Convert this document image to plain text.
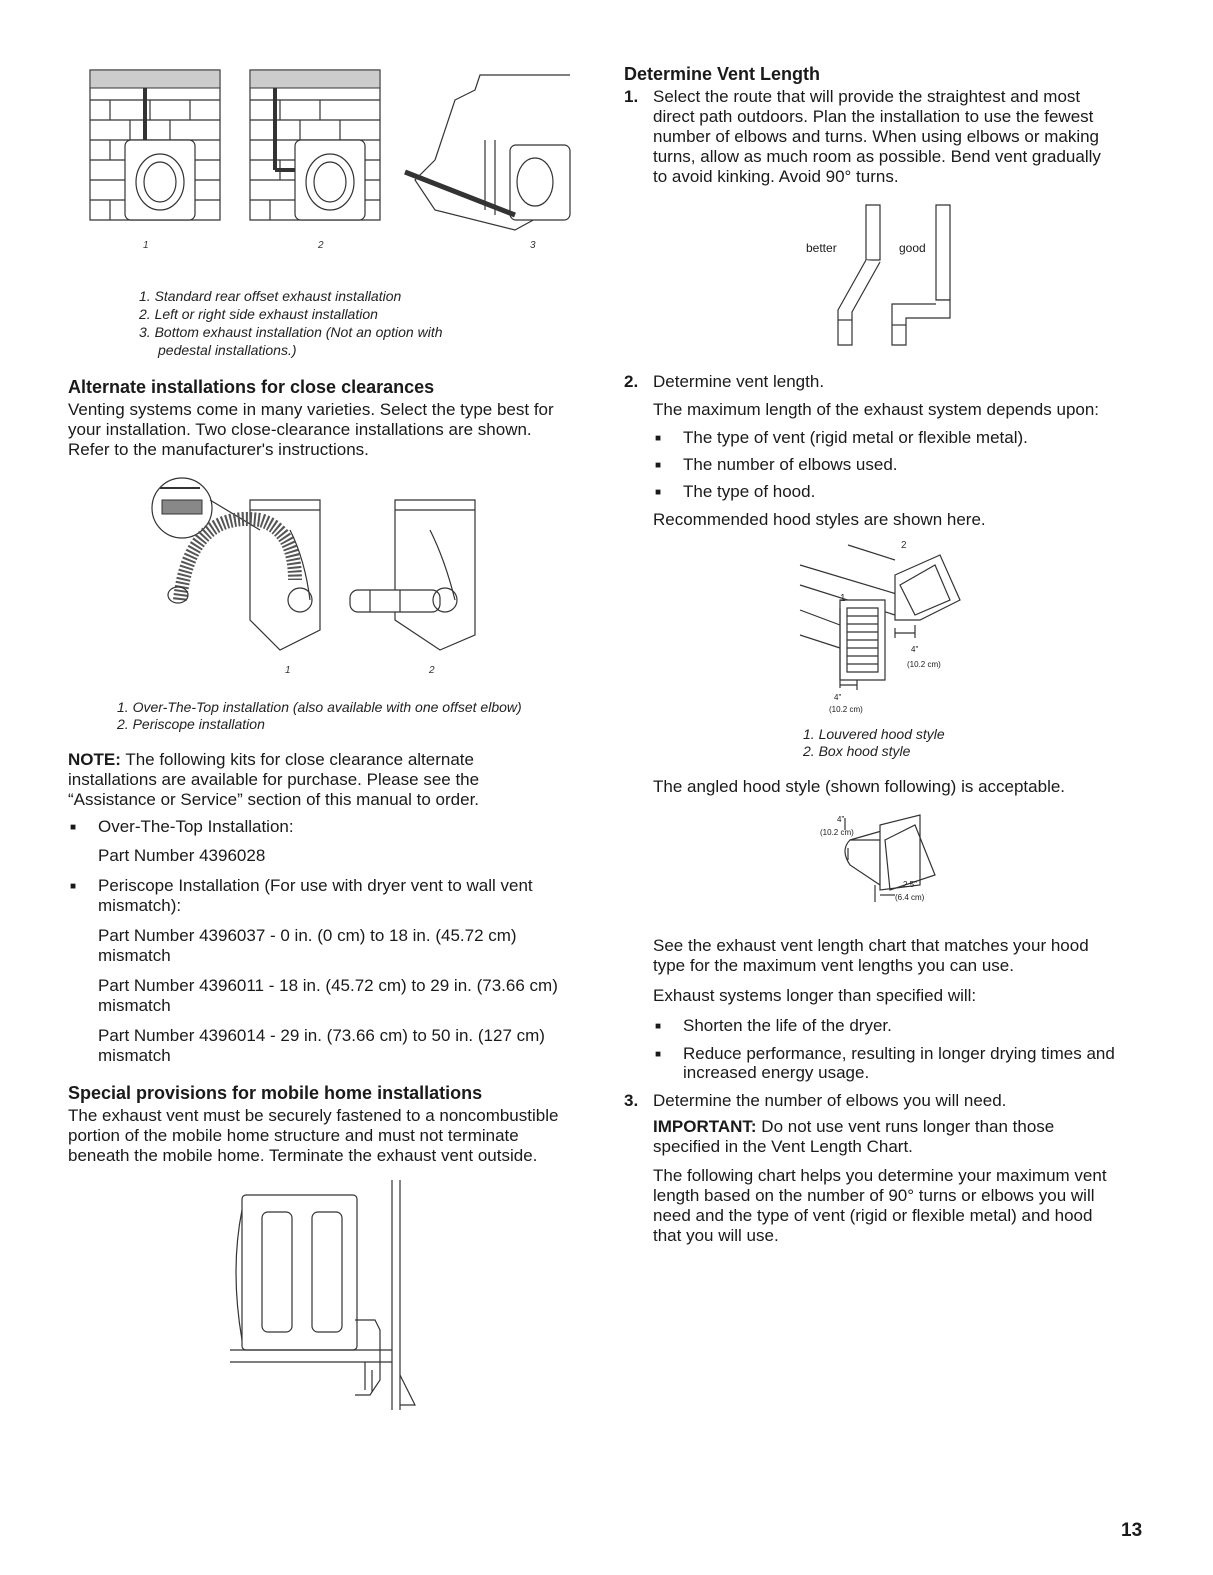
1	2	3
1. Standard rear offset exhaust installation
2. Left or right side exhaust installation
3. Bottom exhaust installation (Not an option with
pedestal installations.)
Alternate installations for close clearances
Venting systems come in many varieties. Select the type best for
your installation. Two close-clearance installations are shown.
Refer to the manufacturer's instructions.
1	2
1. Over-The-Top installation (also available with one offset elbow)
2. Periscope installation
NOTE: The following kits for close clearance alternate
installations are available for purchase. Please see the
“Assistance or Service” section of this manual to order.
■ Over-The-Top Installation:
Part Number 4396028
■ Periscope Installation (For use with dryer vent to wall vent
mismatch):
Part Number 4396037 - 0 in. (0 cm) to 18 in. (45.72 cm)
mismatch
Part Number 4396011 - 18 in. (45.72 cm) to 29 in. (73.66 cm)
mismatch
Part Number 4396014 - 29 in. (73.66 cm) to 50 in. (127 cm)
mismatch
Special provisions for mobile home installations
The exhaust vent must be securely fastened to a noncombustible
portion of the mobile home structure and must not terminate
beneath the mobile home. Terminate the exhaust vent outside.
Determine Vent Length
1. Select the route that will provide the straightest and most
direct path outdoors. Plan the installation to use the fewest
number of elbows and turns. When using elbows or making
turns, allow as much room as possible. Bend vent gradually
to avoid kinking. Avoid 90° turns.
better	good
2. Determine vent length.
The maximum length of the exhaust system depends upon:
■ The type of vent (rigid metal or flexible metal).
■ The number of elbows used.
■ The type of hood.
Recommended hood styles are shown here.
1
2
4"
(10.2 cm)
4"
(10.2 cm)
1. Louvered hood style
2. Box hood style
The angled hood style (shown following) is acceptable.
4"
(10.2 cm)
2.5"
(6.4 cm)
See the exhaust vent length chart that matches your hood
type for the maximum vent lengths you can use.
Exhaust systems longer than specified will:
■ Shorten the life of the dryer.
■ Reduce performance, resulting in longer drying times and
increased energy usage.
3. Determine the number of elbows you will need.
IMPORTANT: Do not use vent runs longer than those
specified in the Vent Length Chart.
The following chart helps you determine your maximum vent
length based on the number of 90° turns or elbows you will
need and the type of vent (rigid or flexible metal) and hood
that you will use.
13
